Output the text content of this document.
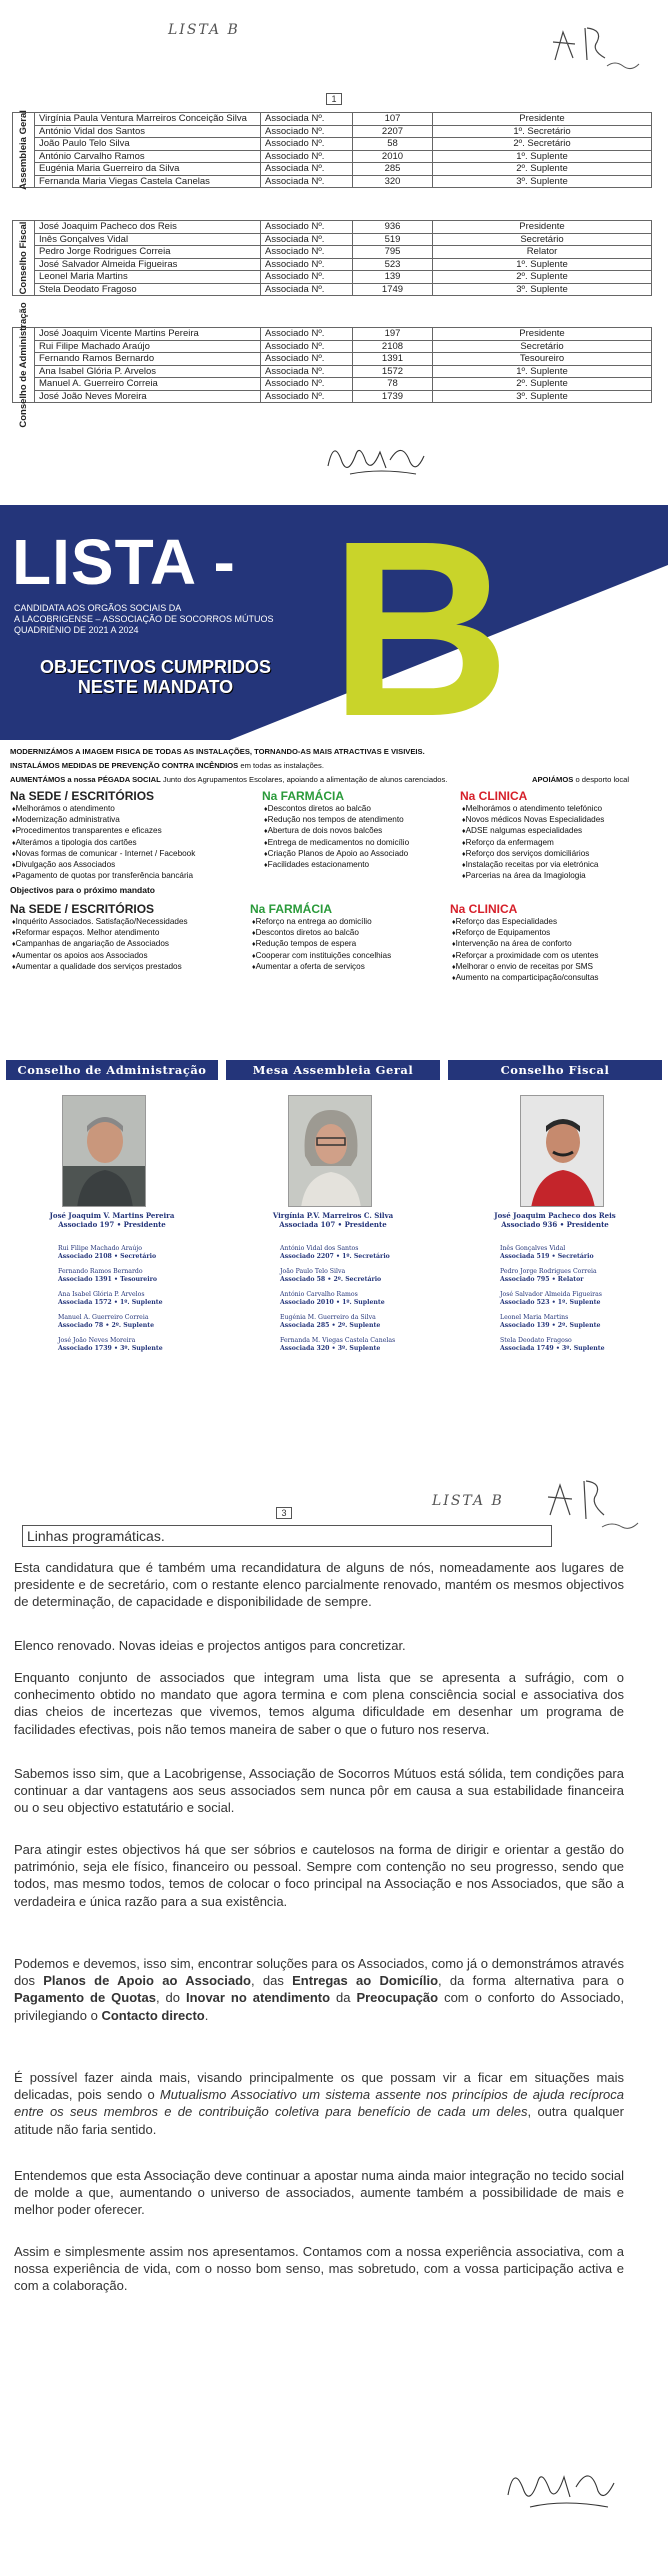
LISTA B
1
Assembleia Geral	Virgínia Paula Ventura Marreiros Conceição Silva	Associada Nº.	107	Presidente
	António Vidal dos Santos	Associado Nº.	2207	1º. Secretário
	João Paulo Telo Silva	Associado Nº.	58	2º. Secretário
	António Carvalho Ramos	Associado Nº.	2010	1º. Suplente
	Eugénia Maria Guerreiro da Silva	Associada Nº.	285	2º. Suplente
	Fernanda Maria Viegas Castela Canelas	Associada Nº.	320	3º. Suplente
Conselho Fiscal	José Joaquim Pacheco dos Reis	Associado Nº.	936	Presidente
	Inês Gonçalves Vidal	Associada Nº.	519	Secretário
	Pedro Jorge Rodrigues Correia	Associado Nº.	795	Relator
	José Salvador Almeida Figueiras	Associado Nº.	523	1º. Suplente
	Leonel Maria Martins	Associado Nº.	139	2º. Suplente
	Stela Deodato Fragoso	Associada Nº.	1749	3º. Suplente
Conselho de Administração	José Joaquim Vicente Martins Pereira	Associado Nº.	197	Presidente
	Rui Filipe Machado Araújo	Associado Nº.	2108	Secretário
	Fernando Ramos Bernardo	Associado Nº.	1391	Tesoureiro
	Ana Isabel Glória P. Arvelos	Associada Nº.	1572	1º. Suplente
	Manuel A. Guerreiro Correia	Associado Nº.	78	2º. Suplente
	José João Neves Moreira	Associado Nº.	1739	3º. Suplente
LISTA -
CANDIDATA AOS ORGÃOS SOCIAIS DA
A LACOBRIGENSE – ASSOCIAÇÃO DE SOCORROS MÚTUOS
QUADRIÉNIO DE 2021 A 2024
OBJECTIVOS CUMPRIDOS
NESTE MANDATO B
MODERNIZÁMOS A IMAGEM FISICA DE TODAS AS INSTALAÇÕES, TORNANDO-AS MAIS ATRACTIVAS E VISIVEIS.
INSTALÁMOS MEDIDAS DE PREVENÇÃO CONTRA INCÊNDIOS em todas as instalações.
AUMENTÁMOS a nossa PÉGADA SOCIAL Junto dos Agrupamentos Escolares, apoiando a alimentação de alunos carenciados.	APOIÁMOS o desporto local
Na SEDE / ESCRITÓRIOS	Na FARMÁCIA	Na CLINICA
♦ Melhorámos o atendimento
♦ Modernização administrativa
♦ Procedimentos transparentes e eficazes
♦ Alterámos a tipologia dos cartões
♦ Novas formas de comunicar - Internet / Facebook
♦ Divulgação aos Associados
♦ Pagamento de quotas por transferência bancária
♦ Descontos diretos ao balcão
♦ Redução nos tempos de atendimento
♦ Abertura de dois novos balcões
♦ Entrega de medicamentos no domicílio
♦ Criação Planos de Apoio ao Associado
♦ Facilidades estacionamento
♦ Melhorámos o atendimento telefónico
♦ Novos médicos Novas Especialidades
♦ ADSE nalgumas especialidades
♦ Reforço da enfermagem
♦ Reforço dos serviços domiciliários
♦ Instalação receitas por via eletrónica
♦ Parcerias na área da Imagiologia
Objectivos para o próximo mandato
Na SEDE / ESCRITÓRIOS	Na FARMÁCIA	Na CLINICA
♦ Inquérito Associados. Satisfação/Necessidades
♦ Reformar espaços. Melhor atendimento
♦ Campanhas de angariação de Associados
♦ Aumentar os apoios aos Associados
♦ Aumentar a qualidade dos serviços prestados
♦ Reforço na entrega ao domicílio
♦ Descontos diretos ao balcão
♦ Redução tempos de espera
♦ Cooperar com instituições concelhias
♦ Aumentar a oferta de serviços
♦ Reforço das Especialidades
♦ Reforço de Equipamentos
♦ Intervenção na área de conforto
♦ Reforçar a proximidade com os utentes
♦ Melhorar o envio de receitas por SMS
♦ Aumento na comparticipação/consultas
Conselho de Administração	Mesa Assembleia Geral	Conselho Fiscal
José Joaquim V. Martins Pereira
Associado 197 • Presidente
Virgínia P.V. Marreiros C. Silva
Associada 107 • Presidente
José Joaquim Pacheco dos Reis
Associado 936 • Presidente
Rui Filipe Machado Araújo
Associado 2108 • Secretário
Fernando Ramos Bernardo
Associado 1391 • Tesoureiro
Ana Isabel Glória P. Arvelos
Associada 1572 • 1º. Suplente
Manuel A. Guerreiro Correia
Associado 78 • 2º. Suplente
José João Neves Moreira
Associado 1739 • 3º. Suplente
António Vidal dos Santos
Associado 2207 • 1º. Secretário
João Paulo Telo Silva
Associado 58 • 2º. Secretário
António Carvalho Ramos
Associado 2010 • 1º. Suplente
Eugénia M. Guerreiro da Silva
Associada 285 • 2º. Suplente
Fernanda M. Viegas Castela Canelas
Associada 320 • 3º. Suplente
Inês Gonçalves Vidal
Associada 519 • Secretário
Pedro Jorge Rodrigues Correia
Associado 795 • Relator
José Salvador Almeida Figueiras
Associado 523 • 1º. Suplente
Leonel Maria Martins
Associado 139 • 2º. Suplente
Stela Deodato Fragoso
Associada 1749 • 3º. Suplente
LISTA B
3
Linhas programáticas.
Esta candidatura que é também uma recandidatura de alguns de nós, nomeadamente aos lugares de presidente e de secretário, com o restante elenco parcialmente renovado, mantém os mesmos objectivos de determinação, de capacidade e disponibilidade de sempre.
Elenco renovado. Novas ideias e projectos antigos para concretizar.
Enquanto conjunto de associados que integram uma lista que se apresenta a sufrágio, com o conhecimento obtido no mandato que agora termina e com plena consciência social e associativa dos dias cheios de incertezas que vivemos, temos alguma dificuldade em desenhar um programa de facilidades efectivas, pois não temos maneira de saber o que o futuro nos reserva.
Sabemos isso sim, que a Lacobrigense, Associação de Socorros Mútuos está sólida, tem condições para continuar a dar vantagens aos seus associados sem nunca pôr em causa a sua estabilidade financeira ou o seu objectivo estatutário e social.
Para atingir estes objectivos há que ser sóbrios e cautelosos na forma de dirigir e orientar a gestão do património, seja ele físico, financeiro ou pessoal. Sempre com contenção no seu progresso, sendo que todos, mas mesmo todos, temos de colocar o foco principal na Associação e nos Associados, que são a verdadeira e única razão para a sua existência.
Podemos e devemos, isso sim, encontrar soluções para os Associados, como já o demonstrámos através dos Planos de Apoio ao Associado, das Entregas ao Domicílio, da forma alternativa para o Pagamento de Quotas, do Inovar no atendimento da Preocupação com o conforto do Associado, privilegiando o Contacto directo.
É possível fazer ainda mais, visando principalmente os que possam vir a ficar em situações mais delicadas, pois sendo o Mutualismo Associativo um sistema assente nos princípios de ajuda recíproca entre os seus membros e de contribuição coletiva para benefício de cada um deles, outra qualquer atitude não faria sentido.
Entendemos que esta Associação deve continuar a apostar numa ainda maior integração no tecido social de molde a que, aumentando o universo de associados, aumente também a possibilidade de mais e melhor poder oferecer.
Assim e simplesmente assim nos apresentamos. Contamos com a nossa experiência associativa, com a nossa experiência de vida, com o nosso bom senso, mas sobretudo, com a vossa participação activa e com a colaboração.
